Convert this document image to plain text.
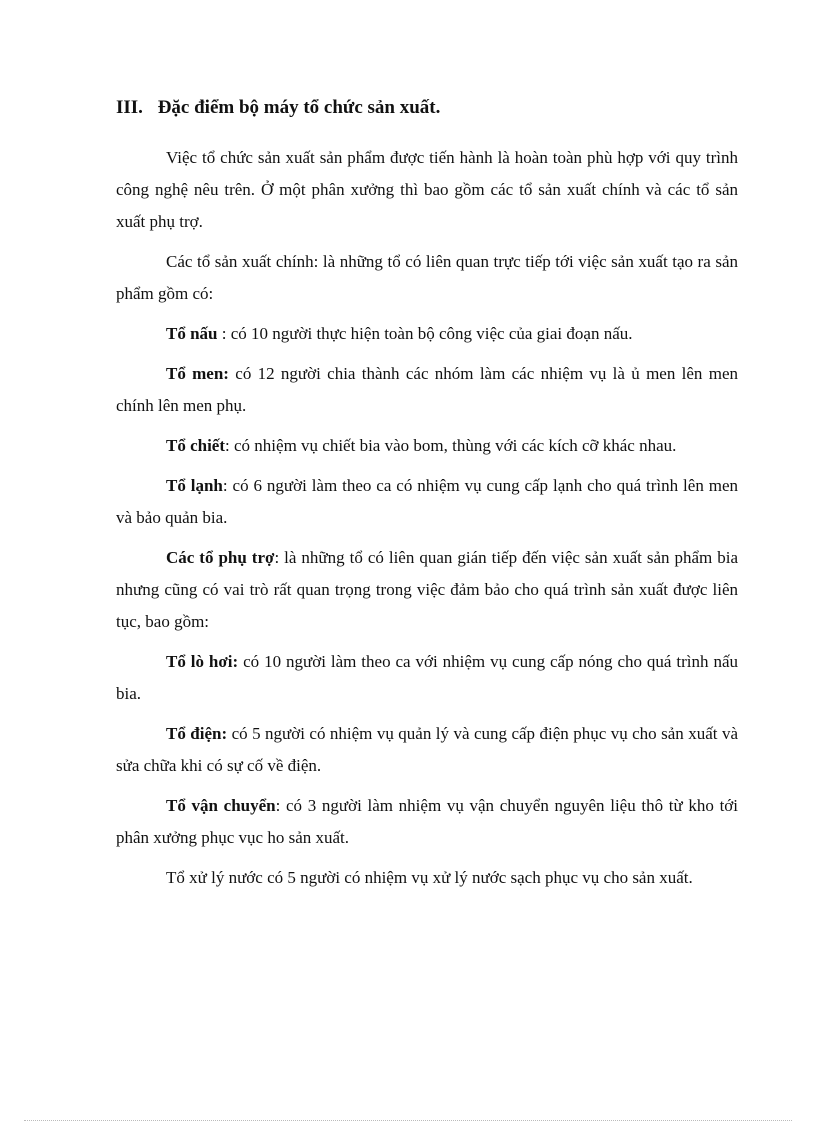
III. Đặc điểm bộ máy tổ chức sản xuất.

Việc tổ chức sản xuất sản phẩm được tiến hành là hoàn toàn phù hợp với quy trình công nghệ nêu trên. Ở một phân xưởng thì bao gồm các tổ sản xuất chính và các tổ sản xuất phụ trợ.

Các tổ sản xuất chính: là những tổ có liên quan trực tiếp tới việc sản xuất tạo ra sản phẩm gồm có:

Tổ nấu : có 10 người thực hiện toàn bộ công việc của giai đoạn nấu.

Tổ men: có 12 người chia thành các nhóm làm các nhiệm vụ là ủ men lên men chính lên men phụ.

Tổ chiết: có nhiệm vụ chiết bia vào bom, thùng với các kích cỡ khác nhau.

Tổ lạnh: có 6 người làm theo ca có nhiệm vụ cung cấp lạnh cho quá trình lên men và bảo quản bia.

Các tổ phụ trợ: là những tổ có liên quan gián tiếp đến việc sản xuất sản phẩm bia nhưng cũng có vai trò rất quan trọng trong việc đảm bảo cho quá trình sản xuất được liên tục, bao gồm:

Tổ lò hơi: có 10 người làm theo ca với nhiệm vụ cung cấp nóng cho quá trình nấu bia.

Tổ điện: có 5 người có nhiệm vụ quản lý và cung cấp điện phục vụ cho sản xuất và sửa chữa khi có sự cố về điện.

Tổ vận chuyển: có 3 người làm nhiệm vụ vận chuyển nguyên liệu thô từ kho tới phân xưởng phục vục ho sản xuất.

Tổ xử lý nước có 5 người có nhiệm vụ xử lý nước sạch phục vụ cho sản xuất.
